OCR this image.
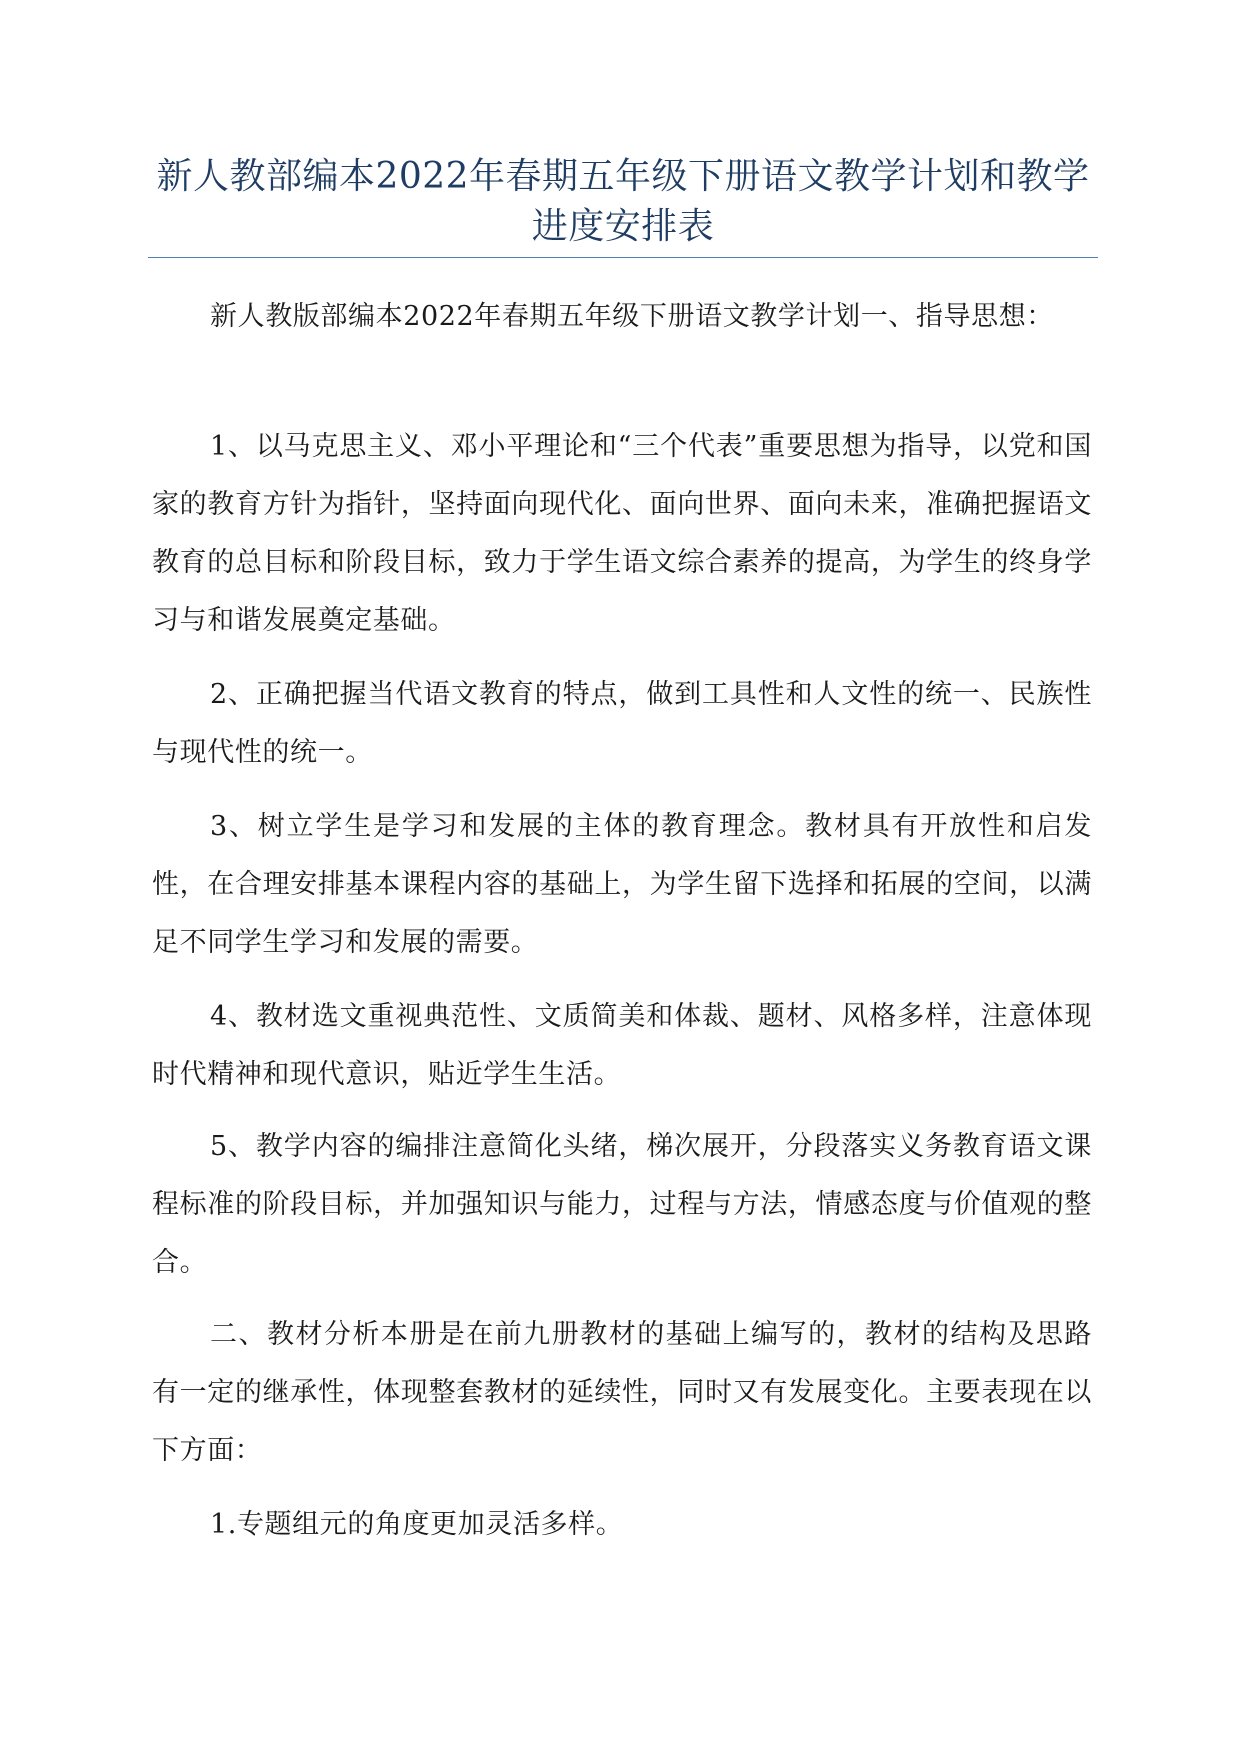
新人教部编本2022年春期五年级下册语文教学计划和教学进度安排表

新人教版部编本2022年春期五年级下册语文教学计划一、指导思想：

1、以马克思主义、邓小平理论和“三个代表”重要思想为指导，以党和国家的教育方针为指针，坚持面向现代化、面向世界、面向未来，准确把握语文教育的总目标和阶段目标，致力于学生语文综合素养的提高，为学生的终身学习与和谐发展奠定基础。

2、正确把握当代语文教育的特点，做到工具性和人文性的统一、民族性与现代性的统一。

3、树立学生是学习和发展的主体的教育理念。教材具有开放性和启发性，在合理安排基本课程内容的基础上，为学生留下选择和拓展的空间，以满足不同学生学习和发展的需要。

4、教材选文重视典范性、文质简美和体裁、题材、风格多样，注意体现时代精神和现代意识，贴近学生生活。

5、教学内容的编排注意简化头绪，梯次展开，分段落实义务教育语文课程标准的阶段目标，并加强知识与能力，过程与方法，情感态度与价值观的整合。

二、教材分析本册是在前九册教材的基础上编写的，教材的结构及思路有一定的继承性，体现整套教材的延续性，同时又有发展变化。主要表现在以下方面：

1.专题组元的角度更加灵活多样。
